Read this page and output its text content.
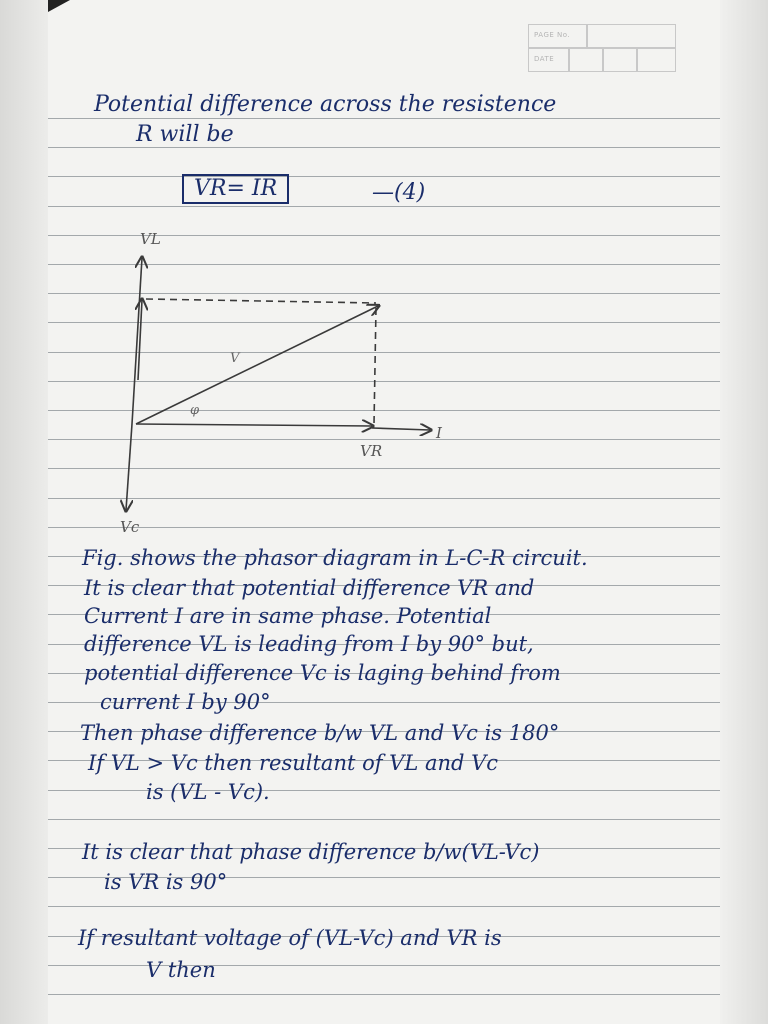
PAGE No.
DATE
Potential difference across the resistence
R will be
VR= IR	—(4)
VL
Vc
VR
I
V
φ
Fig. shows the phasor diagram in L-C-R circuit.
It is clear that potential difference VR and
Current I are in same phase. Potential
difference VL is leading from I by 90° but,
potential difference Vc is laging behind from
current I by 90°
Then phase difference b/w VL and Vc is 180°
If VL > Vc then resultant of VL and Vc
is (VL - Vc).
It is clear that phase difference b/w(VL-Vc)
is VR is 90°
If resultant voltage of (VL-Vc) and VR is
V then
